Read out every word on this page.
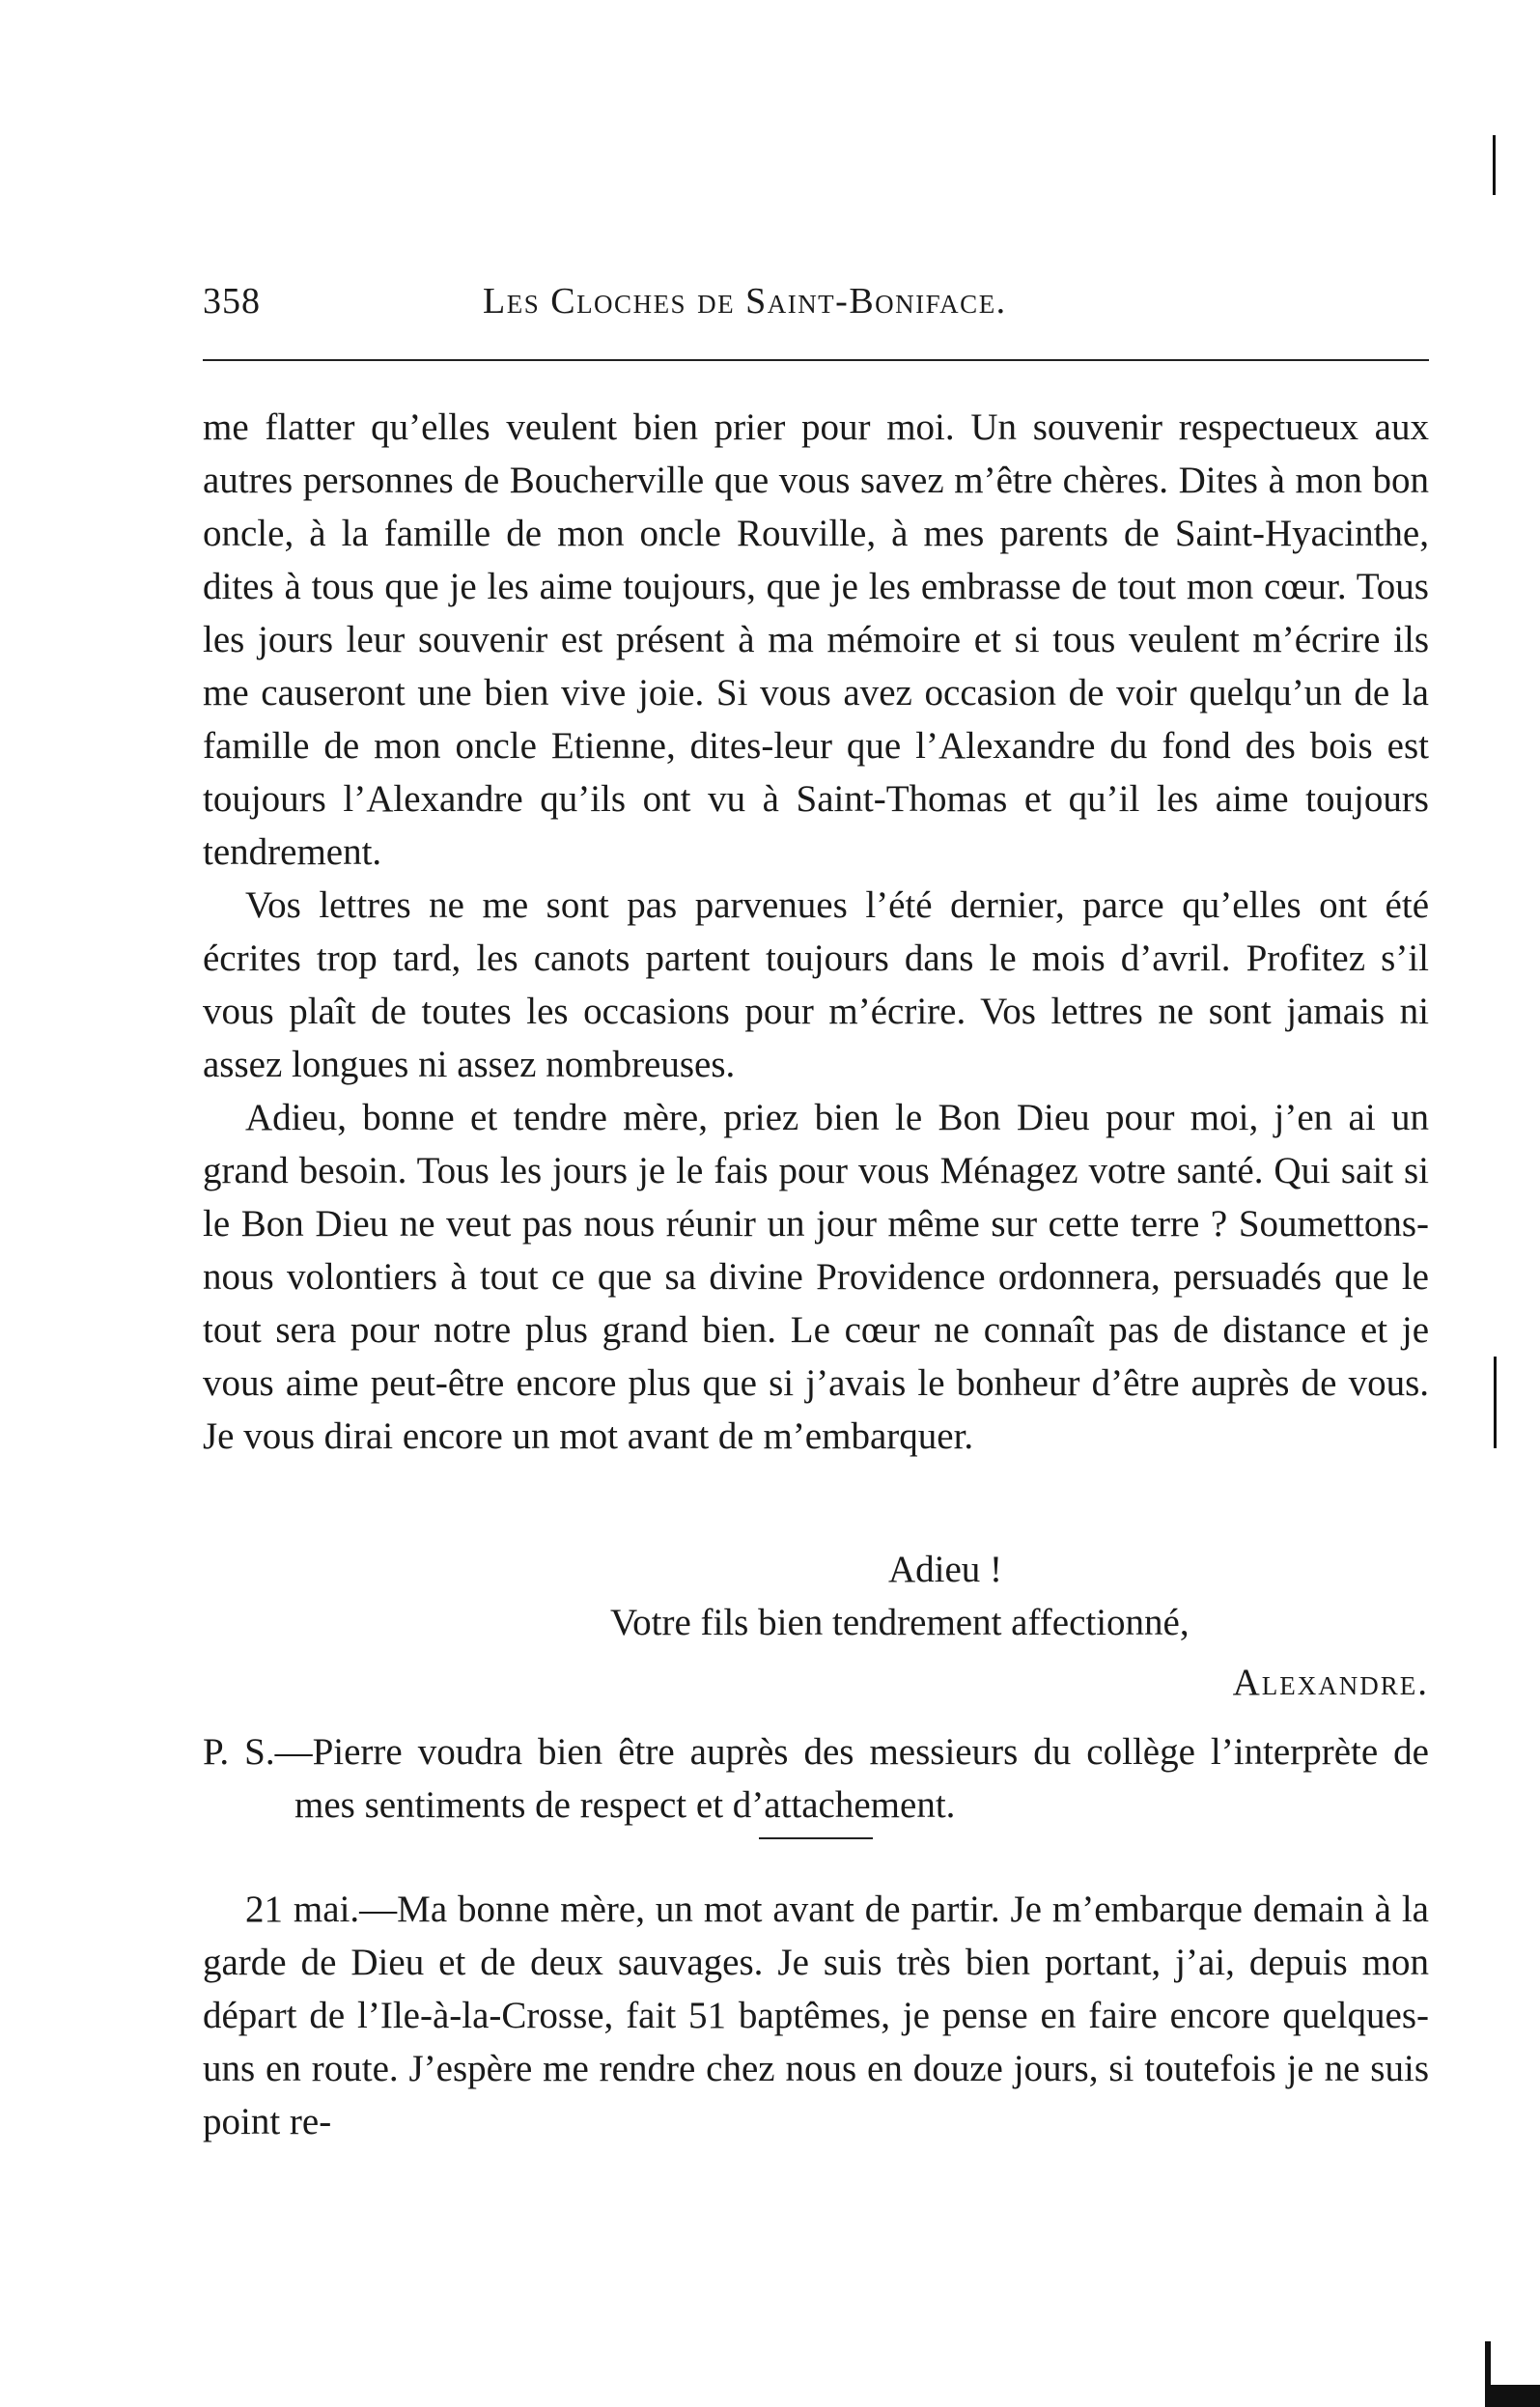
358	Les Cloches de Saint-Boniface.

me flatter qu’elles veulent bien prier pour moi. Un souvenir respectueux aux autres personnes de Boucherville que vous savez m’être chères. Dites à mon bon oncle, à la famille de mon oncle Rouville, à mes parents de Saint-Hyacinthe, dites à tous que je les aime toujours, que je les embrasse de tout mon cœur. Tous les jours leur souvenir est présent à ma mémoire et si tous veulent m’écrire ils me causeront une bien vive joie. Si vous avez occasion de voir quelqu’un de la famille de mon oncle Etienne, dites-leur que l’Alexandre du fond des bois est toujours l’Alexandre qu’ils ont vu à Saint-Thomas et qu’il les aime toujours tendrement.

Vos lettres ne me sont pas parvenues l’été dernier, parce qu’elles ont été écrites trop tard, les canots partent toujours dans le mois d’avril. Profitez s’il vous plaît de toutes les occasions pour m’écrire. Vos lettres ne sont jamais ni assez longues ni assez nombreuses.

Adieu, bonne et tendre mère, priez bien le Bon Dieu pour moi, j’en ai un grand besoin. Tous les jours je le fais pour vous Ménagez votre santé. Qui sait si le Bon Dieu ne veut pas nous réunir un jour même sur cette terre ? Soumettons-nous volontiers à tout ce que sa divine Providence ordonnera, persuadés que le tout sera pour notre plus grand bien. Le cœur ne connaît pas de distance et je vous aime peut-être encore plus que si j’avais le bonheur d’être auprès de vous. Je vous dirai encore un mot avant de m’embarquer.

Adieu !
Votre fils bien tendrement affectionné,
Alexandre.

P. S.—Pierre voudra bien être auprès des messieurs du collège l’interprète de mes sentiments de respect et d’attachement.

21 mai.—Ma bonne mère, un mot avant de partir. Je m’embarque demain à la garde de Dieu et de deux sauvages. Je suis très bien portant, j’ai, depuis mon départ de l’Ile-à-la-Crosse, fait 51 baptêmes, je pense en faire encore quelques-uns en route. J’espère me rendre chez nous en douze jours, si toutefois je ne suis point re-
